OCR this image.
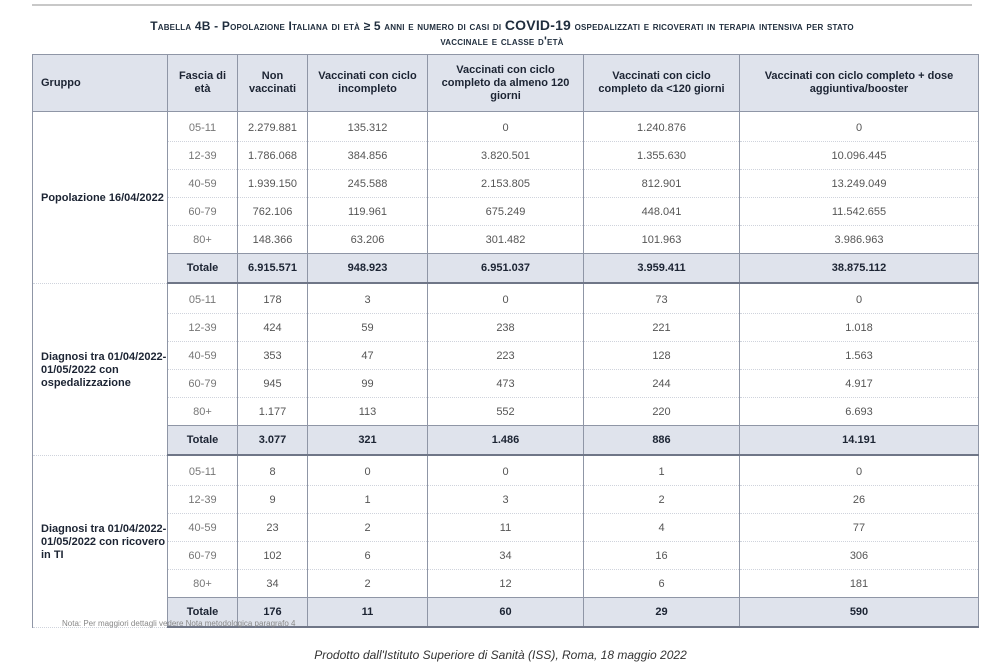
Tabella 4B - Popolazione Italiana di età ≥ 5 anni e numero di casi di COVID-19 ospedalizzati e ricoverati in terapia intensiva per stato
vaccinale e classe d'età
Gruppo	Fascia di età	Non vaccinati	Vaccinati con ciclo incompleto	Vaccinati con ciclo completo da almeno 120 giorni	Vaccinati con ciclo completo da <120 giorni	Vaccinati con ciclo completo + dose aggiuntiva/booster
Popolazione 16/04/2022	05-11	2.279.881	135.312	0	1.240.876	0
	12-39	1.786.068	384.856	3.820.501	1.355.630	10.096.445
	40-59	1.939.150	245.588	2.153.805	812.901	13.249.049
	60-79	762.106	119.961	675.249	448.041	11.542.655
	80+	148.366	63.206	301.482	101.963	3.986.963
	Totale	6.915.571	948.923	6.951.037	3.959.411	38.875.112
Diagnosi tra 01/04/2022-01/05/2022 con ospedalizzazione	05-11	178	3	0	73	0
	12-39	424	59	238	221	1.018
	40-59	353	47	223	128	1.563
	60-79	945	99	473	244	4.917
	80+	1.177	113	552	220	6.693
	Totale	3.077	321	1.486	886	14.191
Diagnosi tra 01/04/2022-01/05/2022 con ricovero in TI	05-11	8	0	0	1	0
	12-39	9	1	3	2	26
	40-59	23	2	11	4	77
	60-79	102	6	34	16	306
	80+	34	2	12	6	181
	Totale	176	11	60	29	590
Nota: Per maggiori dettagli vedere Nota metodologica paragrafo 4
Prodotto dall'Istituto Superiore di Sanità (ISS), Roma, 18 maggio 2022
